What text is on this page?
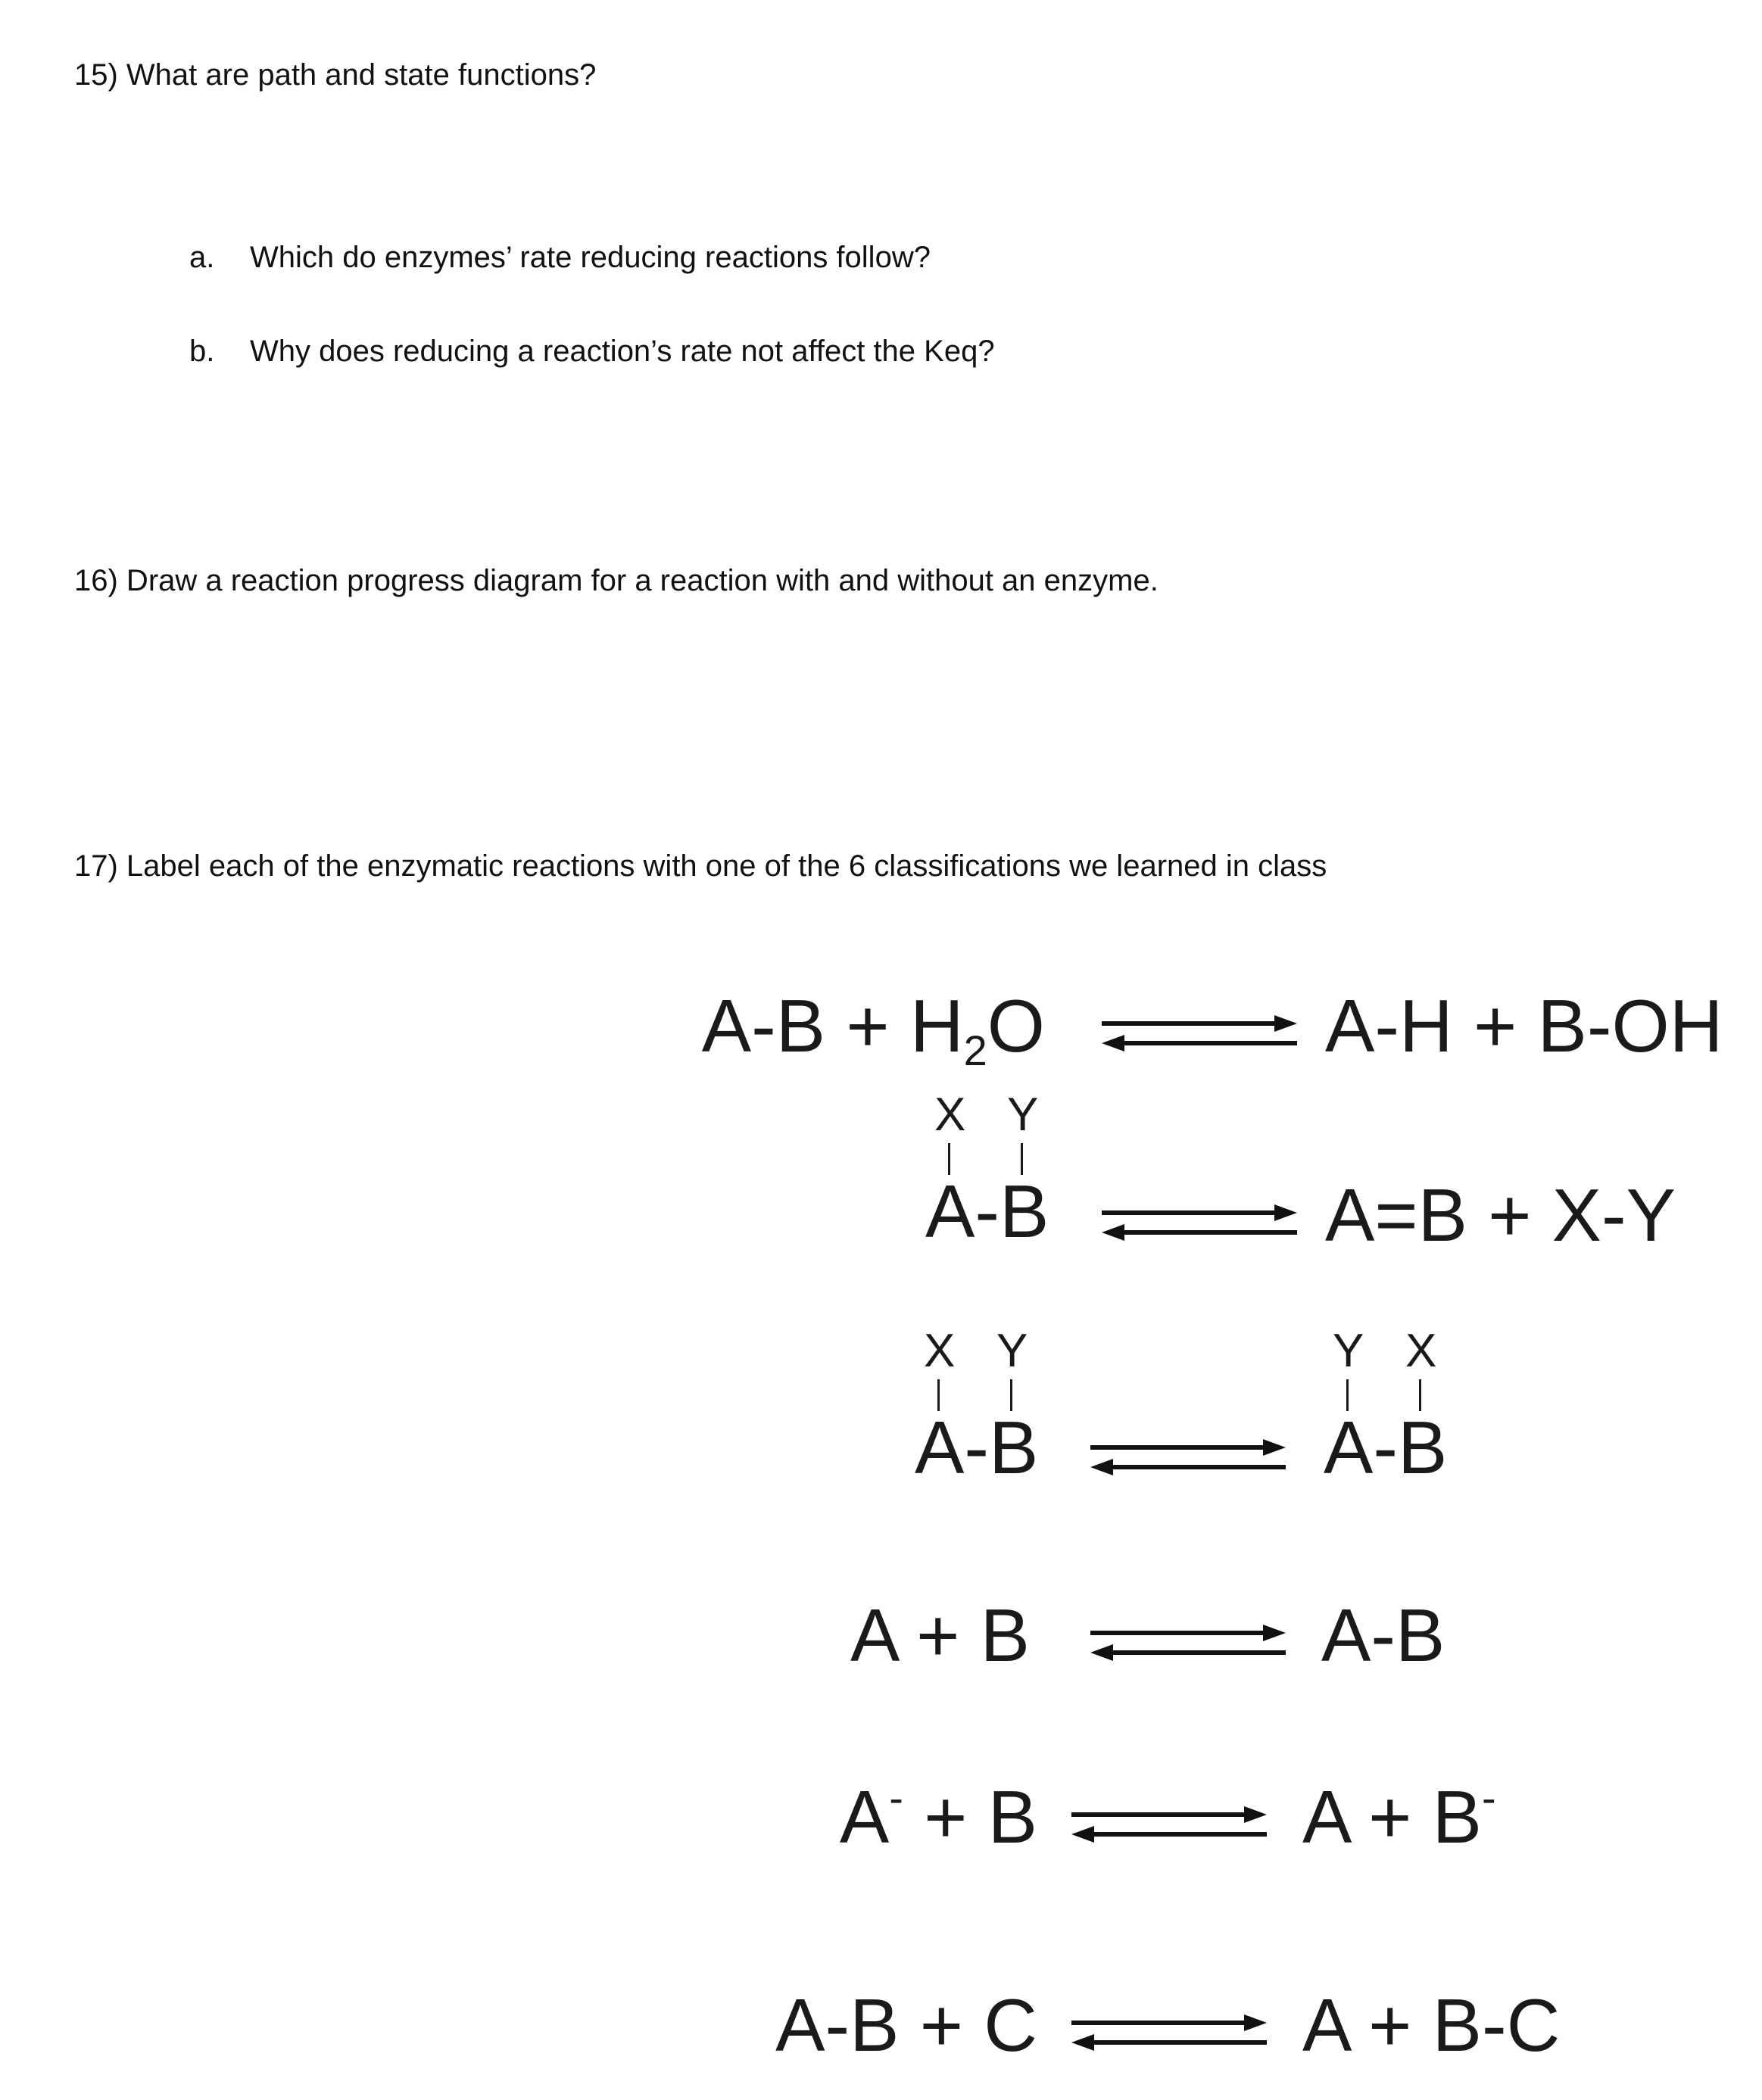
15) What are path and state functions?
a. Which do enzymes’ rate reducing reactions follow?
b. Why does reducing a reaction’s rate not affect the Keq?
16) Draw a reaction progress diagram for a reaction with and without an enzyme.
17) Label each of the enzymatic reactions with one of the 6 classifications we learned in class
$A-B + H_2O$	A-H + B-OH
X Y
A-B	A=B + X-Y
X Y
A-B
Y X
A-B
A + B	A-B
A- + B	A + B-
A-B + C	A + B-C
